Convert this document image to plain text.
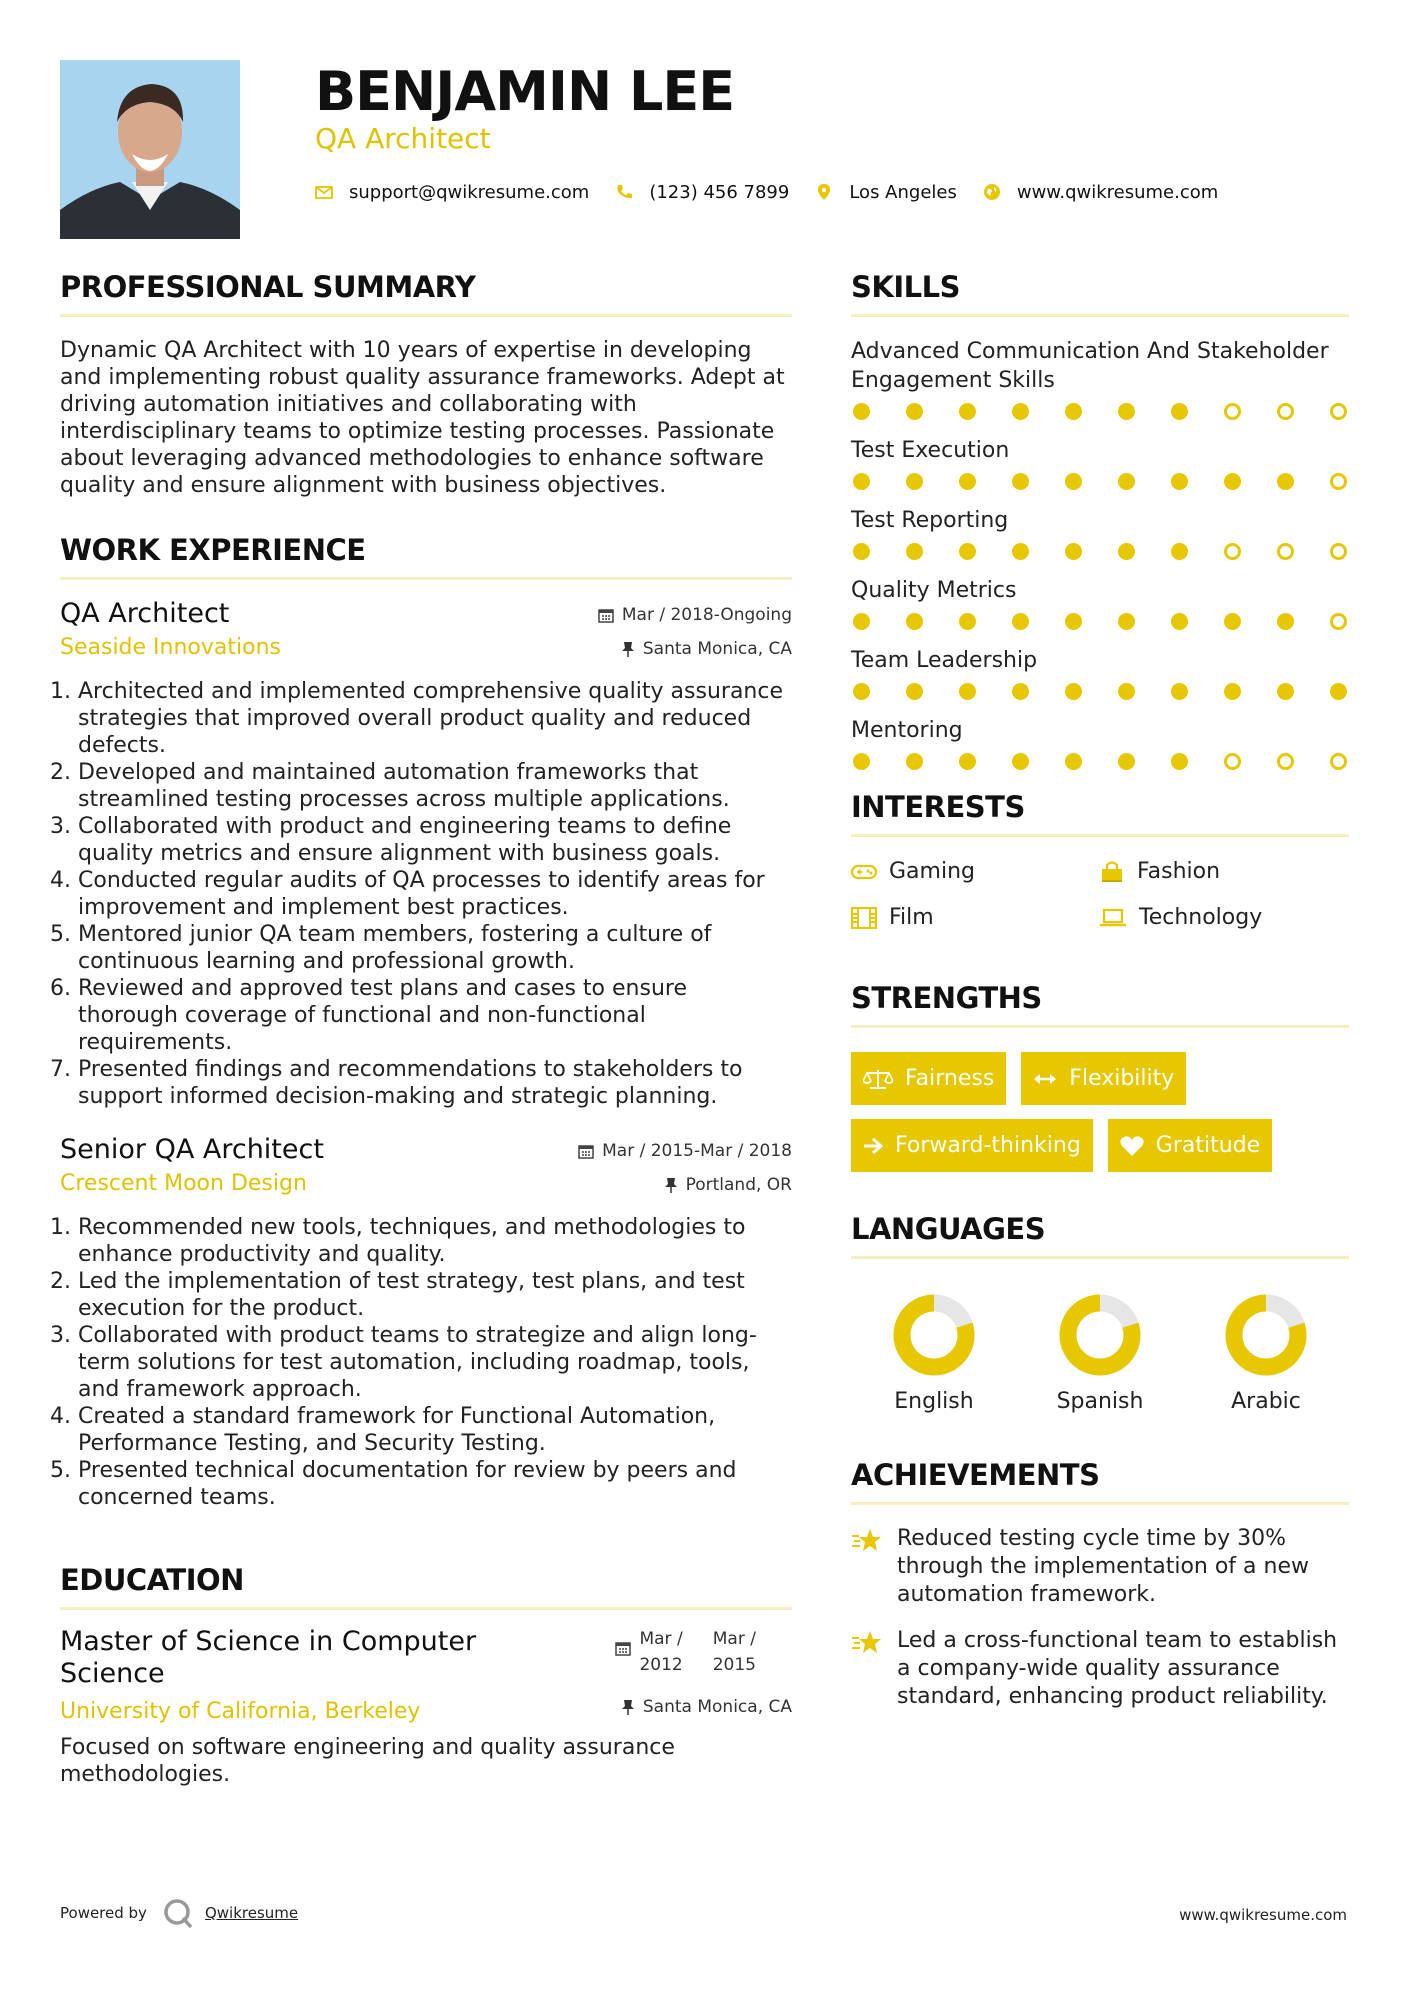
BENJAMIN LEE
QA Architect
support@qwikresume.com	(123) 456 7899	Los Angeles	www.qwikresume.com
PROFESSIONAL SUMMARY

Dynamic QA Architect with 10 years of expertise in developing and implementing robust quality assurance frameworks. Adept at driving automation initiatives and collaborating with interdisciplinary teams to optimize testing processes. Passionate about leveraging advanced methodologies to enhance software quality and ensure alignment with business objectives.

WORK EXPERIENCE
QA Architect
Seaside Innovations
Mar / 2018-Ongoing
Santa Monica, CA
1. Architected and implemented comprehensive quality assurance strategies that improved overall product quality and reduced defects.
2. Developed and maintained automation frameworks that streamlined testing processes across multiple applications.
3. Collaborated with product and engineering teams to define quality metrics and ensure alignment with business goals.
4. Conducted regular audits of QA processes to identify areas for improvement and implement best practices.
5. Mentored junior QA team members, fostering a culture of continuous learning and professional growth.
6. Reviewed and approved test plans and cases to ensure thorough coverage of functional and non-functional requirements.
7. Presented findings and recommendations to stakeholders to support informed decision-making and strategic planning.
Senior QA Architect
Crescent Moon Design
Mar / 2015-Mar / 2018
Portland, OR
1. Recommended new tools, techniques, and methodologies to enhance productivity and quality.
2. Led the implementation of test strategy, test plans, and test execution for the product.
3. Collaborated with product teams to strategize and align long-term solutions for test automation, including roadmap, tools, and framework approach.
4. Created a standard framework for Functional Automation, Performance Testing, and Security Testing.
5. Presented technical documentation for review by peers and concerned teams.
EDUCATION
Master of Science in Computer Science
University of California, Berkeley
Mar /
2012
Mar /
2015
Santa Monica, CA

Focused on software engineering and quality assurance methodologies.

SKILLS
Advanced Communication And Stakeholder Engagement Skills
Test Execution
Test Reporting
Quality Metrics
Team Leadership
Mentoring
INTERESTS
Gaming	Fashion
Film	Technology
STRENGTHS
Fairness	Flexibility
Forward-thinking	Gratitude
LANGUAGES
English	Spanish	Arabic
ACHIEVEMENTS
Reduced testing cycle time by 30% through the implementation of a new automation framework.
Led a cross-functional team to establish a company-wide quality assurance standard, enhancing product reliability.
Powered by	Qwikresume	www.qwikresume.com
